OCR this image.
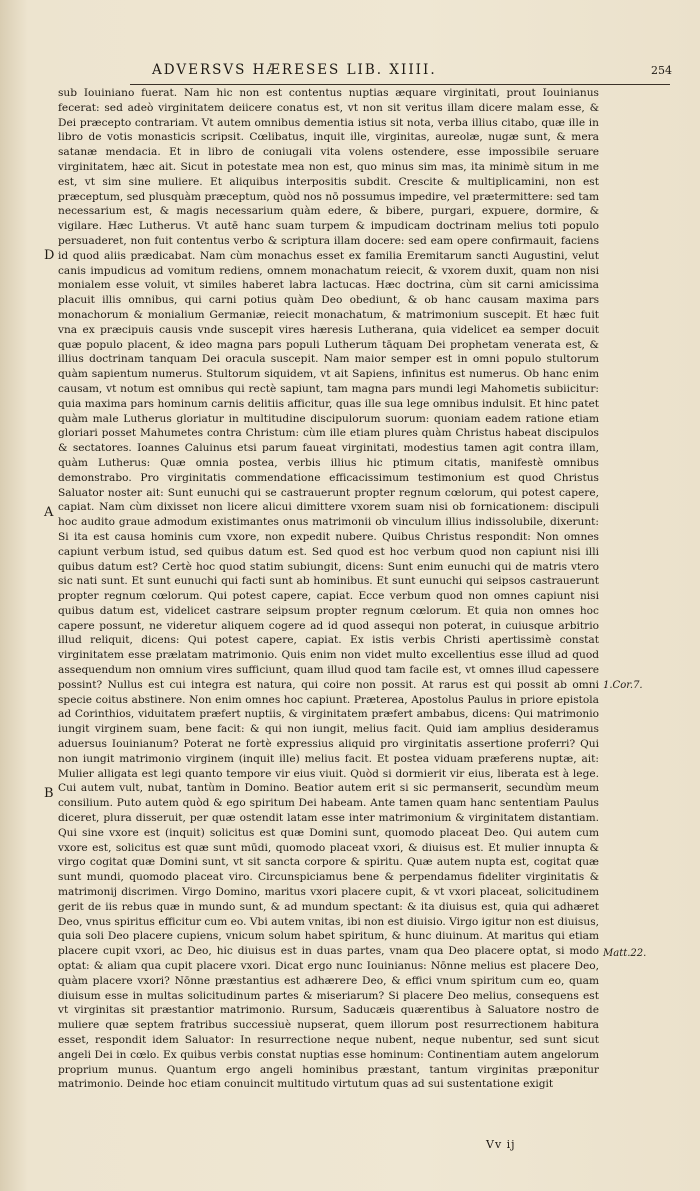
ADVERSVS HÆRESES LIB. XIIII.	254

sub Iouiniano fuerat. Nam hic non est contentus nuptias æquare virginitati, prout Iouinianus fecerat: sed adeò virginitatem deiicere conatus est, vt non sit veritus illam dicere malam esse, & Dei præcepto contrariam. Vt autem omnibus dementia istius sit nota, verba illius citabo, quæ ille in libro de votis monasticis scripsit. Cœlibatus, inquit ille, virginitas, aureolæ, nugæ sunt, & mera satanæ mendacia. Et in libro de coniugali vita volens ostendere, esse impossibile seruare virginitatem, hæc ait. Sicut in potestate mea non est, quo minus sim mas, ita minimè situm in me est, vt sim sine muliere. Et aliquibus interpositis subdit. Crescite & multiplicamini, non est præceptum, sed plusquàm præceptum, quòd nos nō possumus impedire, vel prætermittere: sed tam necessarium est, & magis necessarium quàm edere, & bibere, purgari, expuere, dormire, & vigilare. Hæc Lutherus. Vt autē hanc suam turpem & impudicam doctrinam melius toti populo persuaderet, non fuit contentus verbo & scriptura illam docere: sed eam opere confirmauit, faciens id quod aliis prædicabat. Nam cùm monachus esset ex familia Eremitarum sancti Augustini, velut canis impudicus ad vomitum rediens, omnem monachatum reiecit, & vxorem duxit, quam non nisi monialem esse voluit, vt similes haberet labra lactucas. Hæc doctrina, cùm sit carni amicissima placuit illis omnibus, qui carni potius quàm Deo obediunt, & ob hanc causam maxima pars monachorum & monialium Germaniæ, reiecit monachatum, & matrimonium suscepit. Et hæc fuit vna ex præcipuis causis vnde suscepit vires hæresis Lutherana, quia videlicet ea semper docuit quæ populo placent, & ideo magna pars populi Lutherum tāquam Dei prophetam venerata est, & illius doctrinam tanquam Dei oracula suscepit. Nam maior semper est in omni populo stultorum quàm sapientum numerus. Stultorum siquidem, vt ait Sapiens, infinitus est numerus. Ob hanc enim causam, vt notum est omnibus qui rectè sapiunt, tam magna pars mundi legi Mahometis subiicitur: quia maxima pars hominum carnis delitiis afficitur, quas ille sua lege omnibus indulsit. Et hinc patet quàm male Lutherus gloriatur in multitudine discipulorum suorum: quoniam eadem ratione etiam gloriari posset Mahumetes contra Christum: cùm ille etiam plures quàm Christus habeat discipulos & sectatores. Ioannes Caluinus etsi parum faueat virginitati, modestius tamen agit contra illam, quàm Lutherus: Quæ omnia postea, verbis illius hic ptimum citatis, manifestè omnibus demonstrabo. Pro virginitatis commendatione efficacissimum testimonium est quod Christus Saluator noster ait: Sunt eunuchi qui se castrauerunt propter regnum cœlorum, qui potest capere, capiat. Nam cùm dixisset non licere alicui dimittere vxorem suam nisi ob fornicationem: discipuli hoc audito graue admodum existimantes onus matrimonii ob vinculum illius indissolubile, dixerunt: Si ita est causa hominis cum vxore, non expedit nubere. Quibus Christus respondit: Non omnes capiunt verbum istud, sed quibus datum est. Sed quod est hoc verbum quod non capiunt nisi illi quibus datum est? Certè hoc quod statim subiungit, dicens: Sunt enim eunuchi qui de matris vtero sic nati sunt. Et sunt eunuchi qui facti sunt ab hominibus. Et sunt eunuchi qui seipsos castrauerunt propter regnum cœlorum. Qui potest capere, capiat. Ecce verbum quod non omnes capiunt nisi quibus datum est, videlicet castrare seipsum propter regnum cœlorum. Et quia non omnes hoc capere possunt, ne videretur aliquem cogere ad id quod assequi non poterat, in cuiusque arbitrio illud reliquit, dicens: Qui potest capere, capiat. Ex istis verbis Christi apertissimè constat virginitatem esse prælatam matrimonio. Quis enim non videt multo excellentius esse illud ad quod assequendum non omnium vires sufficiunt, quam illud quod tam facile est, vt omnes illud capessere possint? Nullus est cui integra est natura, qui coire non possit. At rarus est qui possit ab omni specie coitus abstinere. Non enim omnes hoc capiunt. Præterea, Apostolus Paulus in priore epistola ad Corinthios, viduitatem præfert nuptiis, & virginitatem præfert ambabus, dicens: Qui matrimonio iungit virginem suam, bene facit: & qui non iungit, melius facit. Quid iam amplius desideramus aduersus Iouinianum? Poterat ne fortè expressius aliquid pro virginitatis assertione proferri? Qui non iungit matrimonio virginem (inquit ille) melius facit. Et postea viduam præferens nuptæ, ait: Mulier alligata est legi quanto tempore vir eius viuit. Quòd si dormierit vir eius, liberata est à lege. Cui autem vult, nubat, tantùm in Domino. Beatior autem erit si sic permanserit, secundùm meum consilium. Puto autem quòd & ego spiritum Dei habeam. Ante tamen quam hanc sententiam Paulus diceret, plura disseruit, per quæ ostendit latam esse inter matrimonium & virginitatem distantiam. Qui sine vxore est (inquit) solicitus est quæ Domini sunt, quomodo placeat Deo. Qui autem cum vxore est, solicitus est quæ sunt mūdi, quomodo placeat vxori, & diuisus est. Et mulier innupta & virgo cogitat quæ Domini sunt, vt sit sancta corpore & spiritu. Quæ autem nupta est, cogitat quæ sunt mundi, quomodo placeat viro. Circunspiciamus bene & perpendamus fideliter virginitatis & matrimonij discrimen. Virgo Domino, maritus vxori placere cupit, & vt vxori placeat, solicitudinem gerit de iis rebus quæ in mundo sunt, & ad mundum spectant: & ita diuisus est, quia qui adhæret Deo, vnus spiritus efficitur cum eo. Vbi autem vnitas, ibi non est diuisio. Virgo igitur non est diuisus, quia soli Deo placere cupiens, vnicum solum habet spiritum, & hunc diuinum. At maritus qui etiam placere cupit vxori, ac Deo, hic diuisus est in duas partes, vnam qua Deo placere optat, si modo optat: & aliam qua cupit placere vxori. Dicat ergo nunc Iouinianus: Nōnne melius est placere Deo, quàm placere vxori? Nōnne præstantius est adhærere Deo, & effici vnum spiritum cum eo, quam diuisum esse in multas solicitudinum partes & miseriarum? Si placere Deo melius, consequens est vt virginitas sit præstantior matrimonio. Rursum, Saducæis quærentibus à Saluatore nostro de muliere quæ septem fratribus successiuè nupserat, quem illorum post resurrectionem habitura esset, respondit idem Saluator: In resurrectione neque nubent, neque nubentur, sed sunt sicut angeli Dei in cœlo. Ex quibus verbis constat nuptias esse hominum: Continentiam autem angelorum proprium munus. Quantum ergo angeli hominibus præstant, tantum virginitas præponitur matrimonio. Deinde hoc etiam conuincit multitudo virtutum quas ad sui sustentatione exigit

D
A
B
1.Cor.7.
Matt.22.
Vv ij
